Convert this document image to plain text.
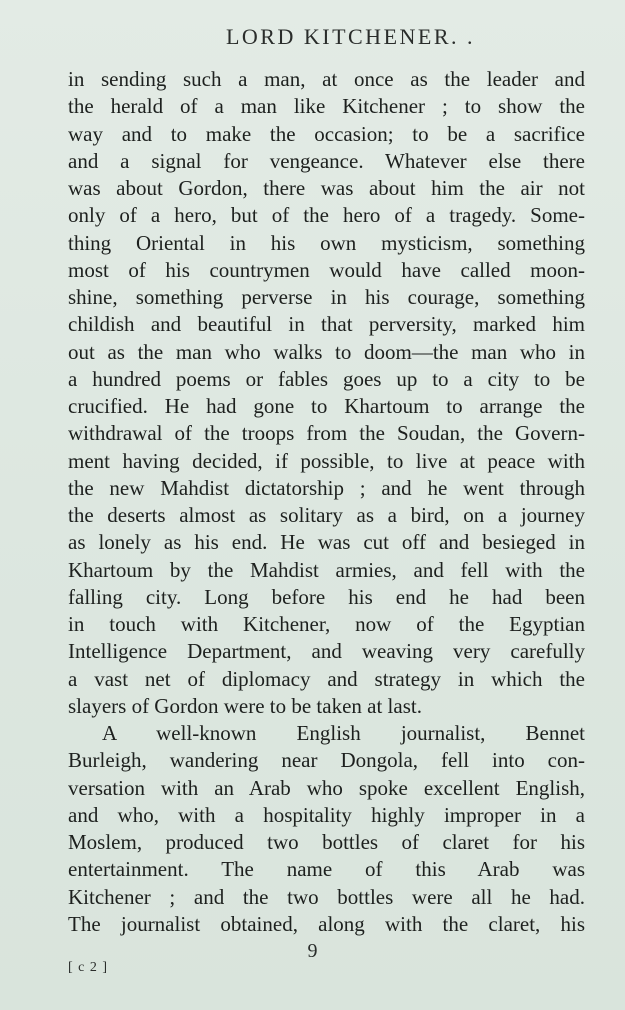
LORD KITCHENER. .
in sending such a man, at once as the leader and
the herald of a man like Kitchener ; to show the
way and to make the occasion; to be a sacrifice
and a signal for vengeance. Whatever else there
was about Gordon, there was about him the air not
only of a hero, but of the hero of a tragedy. Some-
thing Oriental in his own mysticism, something
most of his countrymen would have called moon-
shine, something perverse in his courage, something
childish and beautiful in that perversity, marked him
out as the man who walks to doom—the man who in
a hundred poems or fables goes up to a city to be
crucified. He had gone to Khartoum to arrange the
withdrawal of the troops from the Soudan, the Govern-
ment having decided, if possible, to live at peace with
the new Mahdist dictatorship ; and he went through
the deserts almost as solitary as a bird, on a journey
as lonely as his end. He was cut off and besieged in
Khartoum by the Mahdist armies, and fell with the
falling city. Long before his end he had been
in touch with Kitchener, now of the Egyptian
Intelligence Department, and weaving very carefully
a vast net of diplomacy and strategy in which the
slayers of Gordon were to be taken at last.
A well-known English journalist, Bennet
Burleigh, wandering near Dongola, fell into con-
versation with an Arab who spoke excellent English,
and who, with a hospitality highly improper in a
Moslem, produced two bottles of claret for his
entertainment. The name of this Arab was
Kitchener ; and the two bottles were all he had.
The journalist obtained, along with the claret, his
9
[ c 2 ]
